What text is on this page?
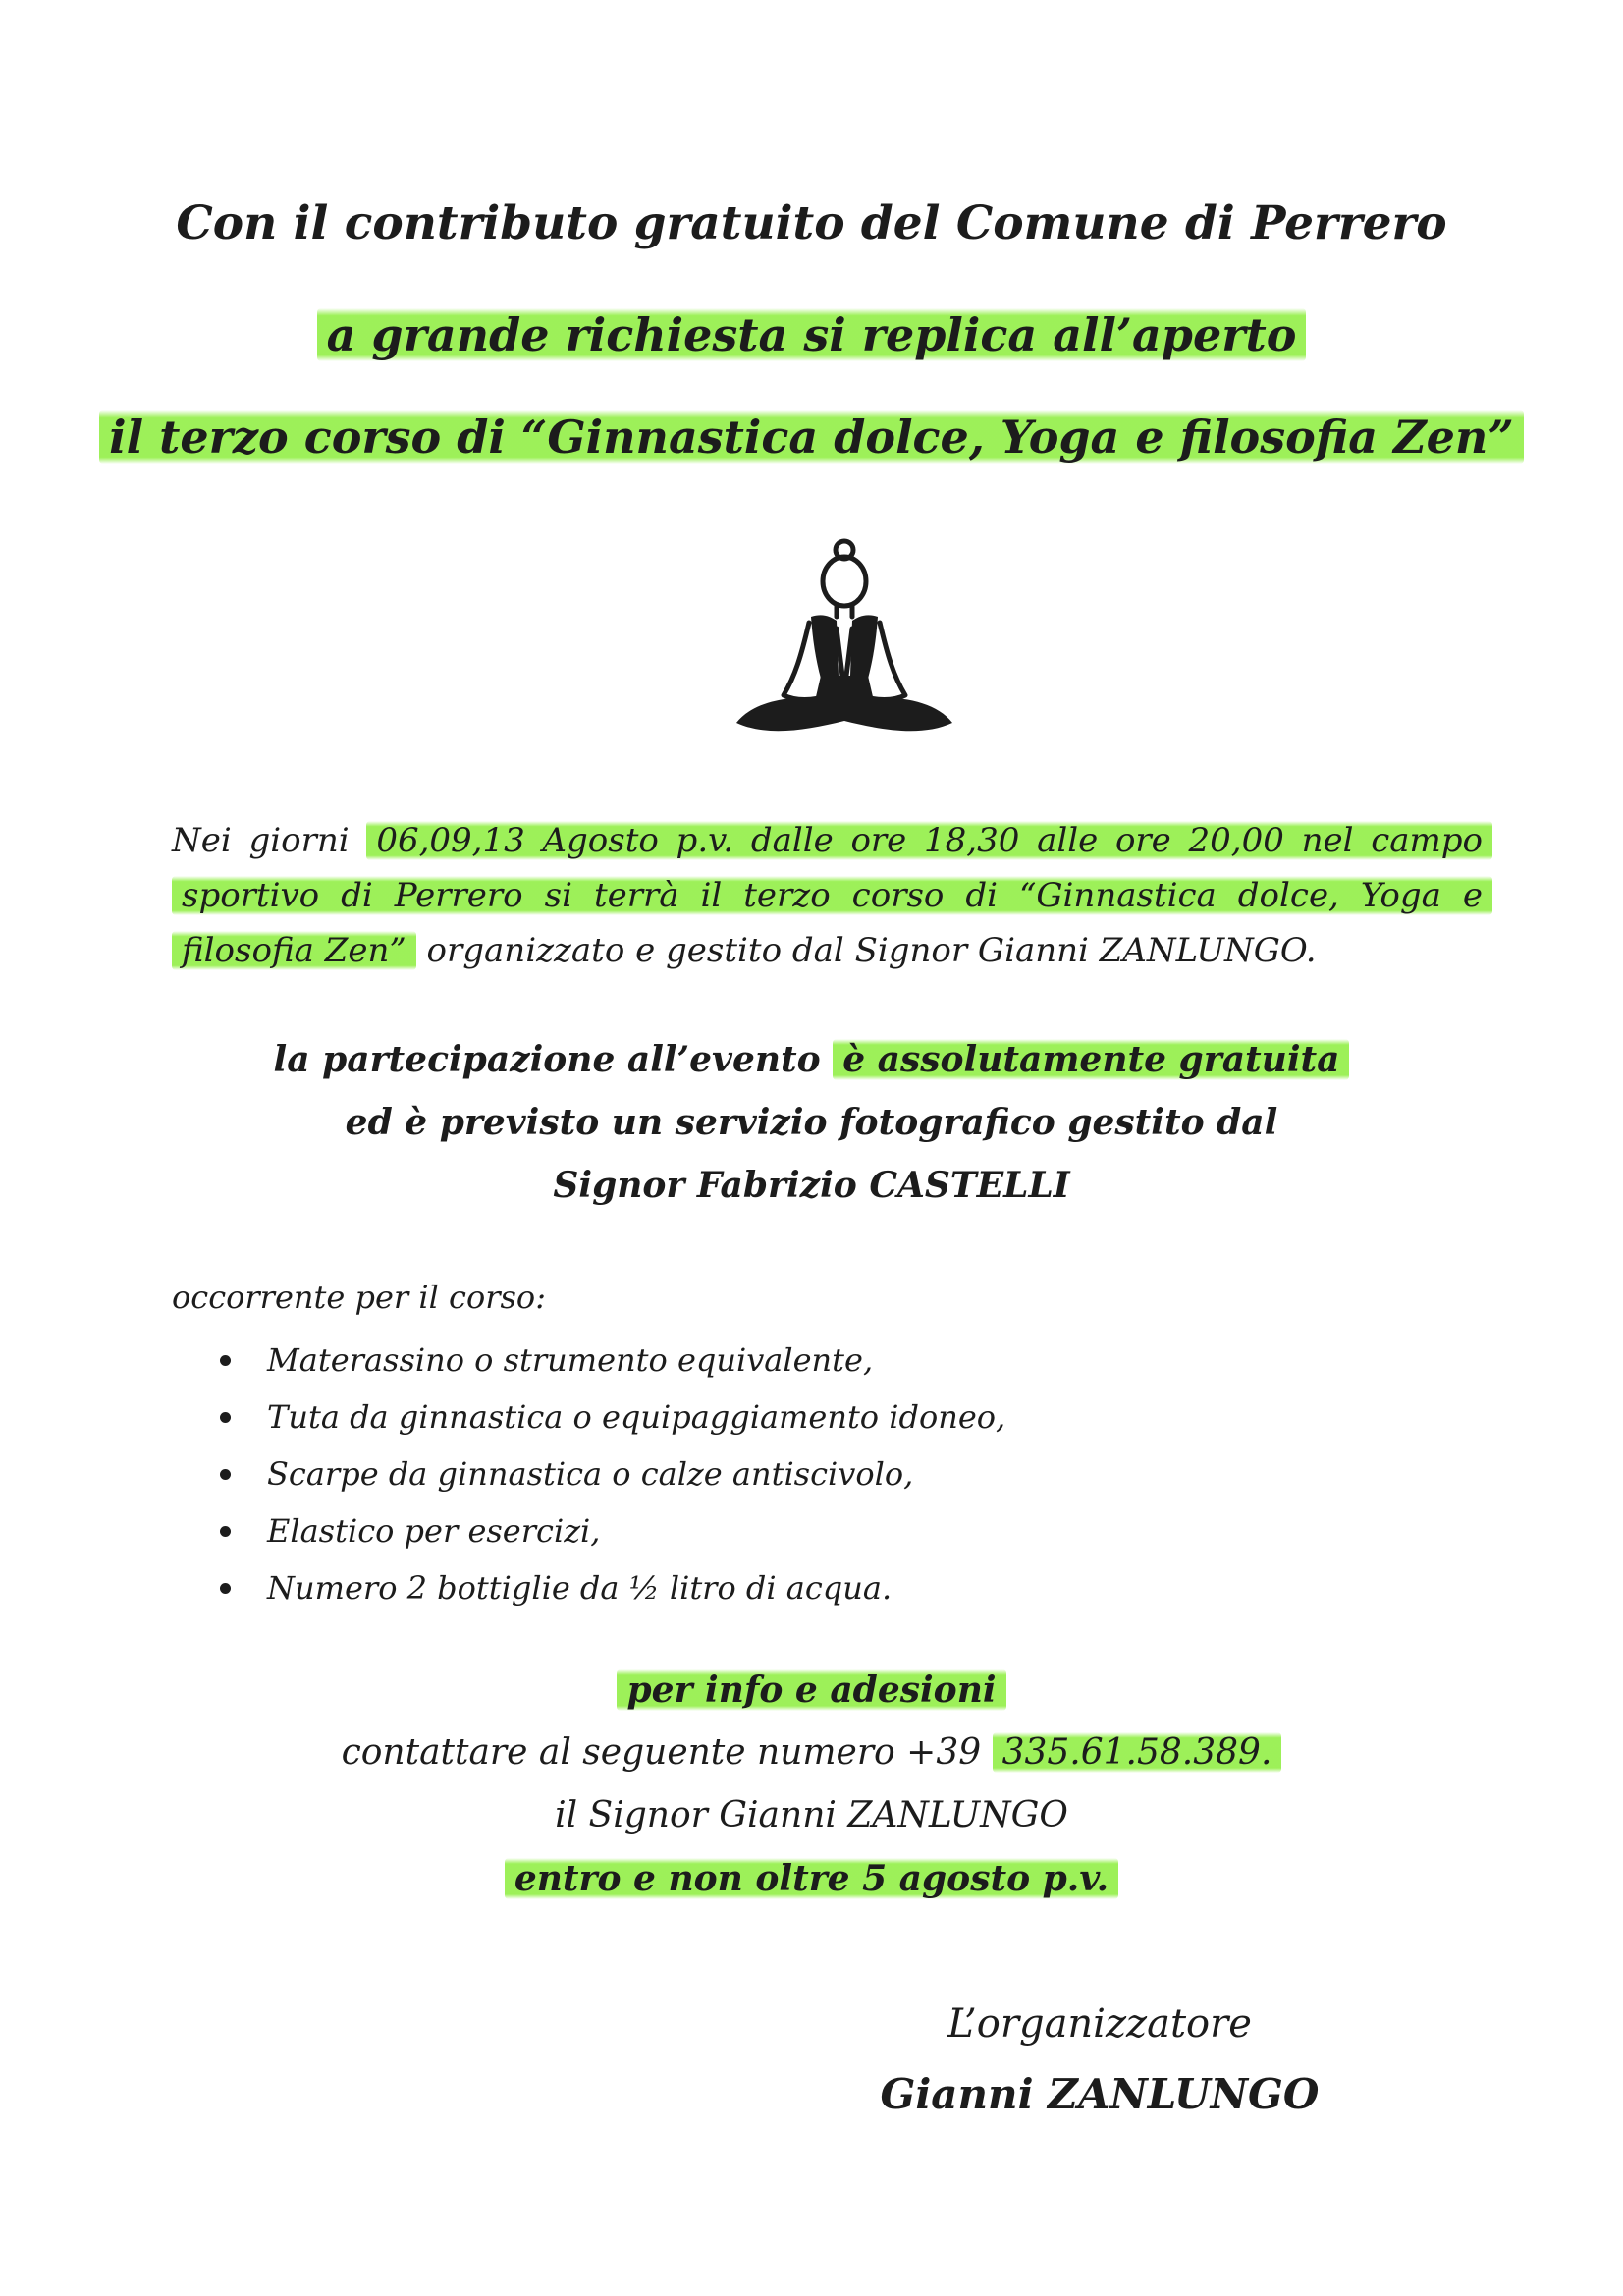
Con il contributo gratuito del Comune di Perrero
a grande richiesta si replica all’aperto
il terzo corso di “Ginnastica dolce, Yoga e filosofia Zen”
Nei giorni 06,09,13 Agosto p.v. dalle ore 18,30 alle ore 20,00 nel campo sportivo di Perrero si terrà il terzo corso di “Ginnastica dolce, Yoga e filosofia Zen” organizzato e gestito dal Signor Gianni ZANLUNGO.
la partecipazione all’evento è assolutamente gratuita
ed è previsto un servizio fotografico gestito dal
Signor Fabrizio CASTELLI
occorrente per il corso:
Materassino o strumento equivalente,
Tuta da ginnastica o equipaggiamento idoneo,
Scarpe da ginnastica o calze antiscivolo,
Elastico per esercizi,
Numero 2 bottiglie da ½ litro di acqua.
per info e adesioni
contattare al seguente numero +39 335.61.58.389.
il Signor Gianni ZANLUNGO
entro e non oltre 5 agosto p.v.
L’organizzatore
Gianni ZANLUNGO
